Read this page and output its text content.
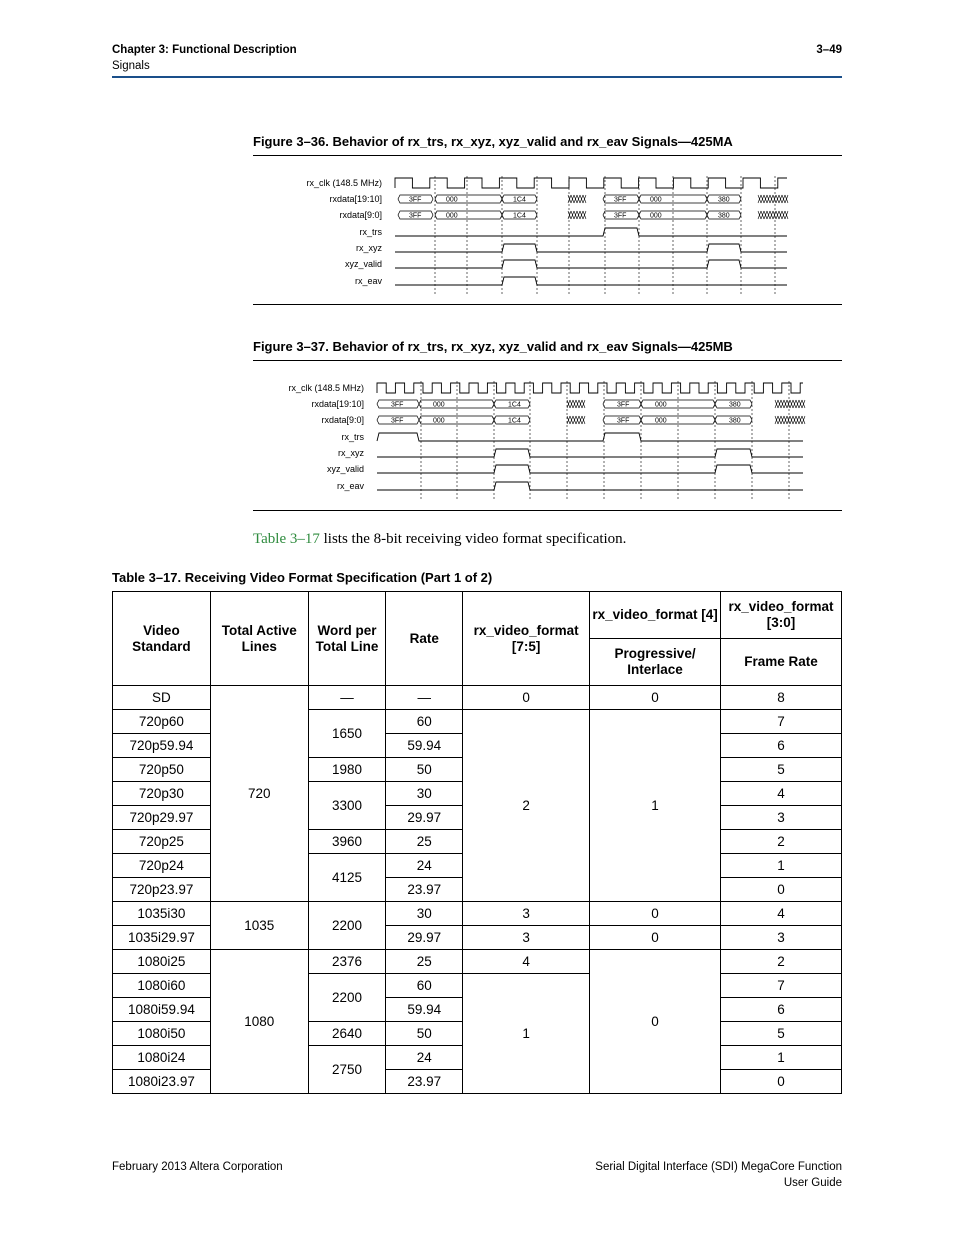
Chapter 3: Functional Description
Signals
3–49
Figure 3–36. Behavior of rx_trs, rx_xyz, xyz_valid and rx_eav Signals—425MA
rx_clk (148.5 MHz)
rxdata[19:10]
rxdata[9:0]
rx_trs
rx_xyz
xyz_valid
rx_eav
3FF	000	1C4	3FF	000	380
3FF	000	1C4	3FF	000	380
Figure 3–37. Behavior of rx_trs, rx_xyz, xyz_valid and rx_eav Signals—425MB
rx_clk (148.5 MHz)
rxdata[19:10]
rxdata[9:0]
rx_trs
rx_xyz
xyz_valid
rx_eav
3FF	000	1C4	3FF	000	380
3FF	000	1C4	3FF	000	380
Table 3–17 lists the 8-bit receiving video format specification.
Table 3–17. Receiving Video Format Specification (Part 1 of 2)
Video Standard	Total Active Lines	Word per Total Line	Rate	rx_video_format [7:5]	rx_video_format [4]	rx_video_format [3:0]
					Progressive/ Interlace	Frame Rate
SD	720	—	—	0	0	8
720p60		1650	60	2	1	7
720p59.94			59.94			6
720p50		1980	50			5
720p30		3300	30			4
720p29.97			29.97			3
720p25		3960	25			2
720p24		4125	24			1
720p23.97			23.97			0
1035i30	1035	2200	30	3	0	4
1035i29.97			29.97	3	0	3
1080i25	1080	2376	25	4	0	2
1080i60		2200	60	1		7
1080i59.94			59.94			6
1080i50		2640	50			5
1080i24		2750	24			1
1080i23.97			23.97			0
February 2013 Altera Corporation	Serial Digital Interface (SDI) MegaCore Function
User Guide
